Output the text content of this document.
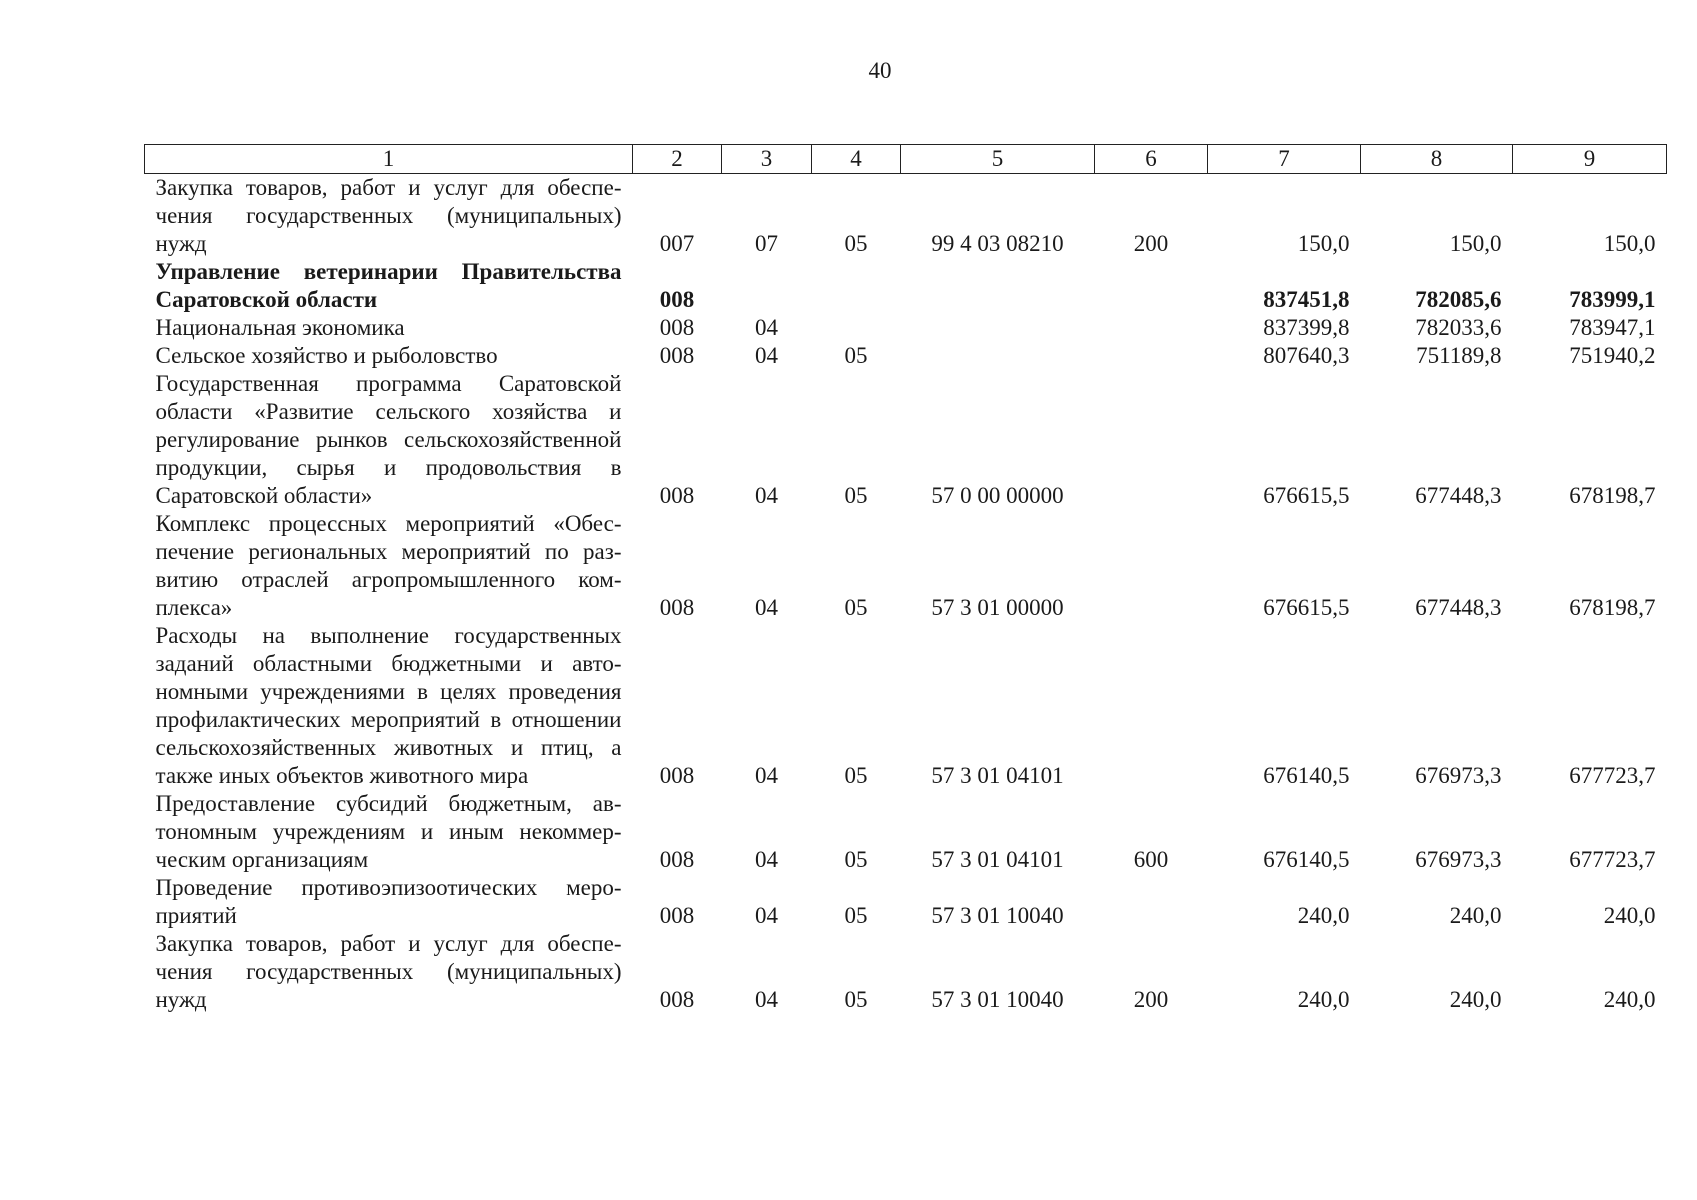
40
1	2	3	4	5	6	7	8	9
Закупка товаров, работ и услуг для обеспечения государственных (муниципальных) нужд	007	07	05	99 4 03 08210	200	150,0	150,0	150,0
Управление ветеринарии Правительства Саратовской области	008					837451,8	782085,6	783999,1
Национальная экономика	008	04				837399,8	782033,6	783947,1
Сельское хозяйство и рыболовство	008	04	05			807640,3	751189,8	751940,2
Государственная программа Саратовской области «Развитие сельского хозяйства и регулирование рынков сельскохозяйственной продукции, сырья и продовольствия в Саратовской области»	008	04	05	57 0 00 00000		676615,5	677448,3	678198,7
Комплекс процессных мероприятий «Обеспечение региональных мероприятий по развитию отраслей агропромышленного комплекса»	008	04	05	57 3 01 00000		676615,5	677448,3	678198,7
Расходы на выполнение государственных заданий областными бюджетными и автономными учреждениями в целях проведения профилактических мероприятий в отношении сельскохозяйственных животных и птиц, а также иных объектов животного мира	008	04	05	57 3 01 04101		676140,5	676973,3	677723,7
Предоставление субсидий бюджетным, автономным учреждениям и иным некоммерческим организациям	008	04	05	57 3 01 04101	600	676140,5	676973,3	677723,7
Проведение противоэпизоотических мероприятий	008	04	05	57 3 01 10040		240,0	240,0	240,0
Закупка товаров, работ и услуг для обеспечения государственных (муниципальных) нужд	008	04	05	57 3 01 10040	200	240,0	240,0	240,0
